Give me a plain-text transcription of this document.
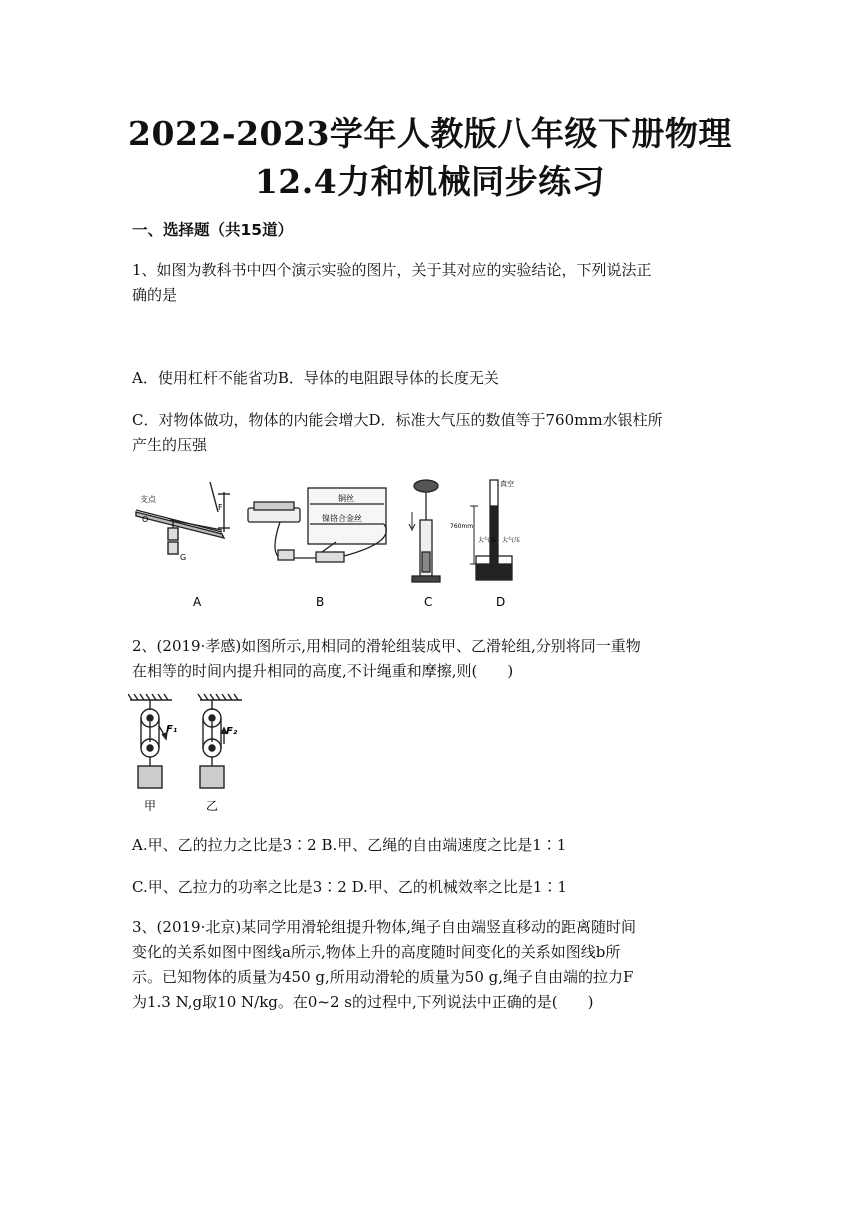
2022-2023学年人教版八年级下册物理
12.4力和机械同步练习
一、选择题（共15道）
1、如图为教科书中四个演示实验的图片，关于其对应的实验结论，下列说法正
确的是
A．使用杠杆不能省功B．导体的电阻跟导体的长度无关
C．对物体做功，物体的内能会增大D．标准大气压的数值等于760mm水银柱所
产生的压强
支点
O
F
G
铜丝
镍铬合金丝
真空
760mm
大气压 大气压
A	B	C	D
2、(2019·孝感)如图所示,用相同的滑轮组装成甲、乙滑轮组,分别将同一重物
在相等的时间内提升相同的高度,不计绳重和摩擦,则(　　)
F₁	F₂
甲	乙
A.甲、乙的拉力之比是3∶2 B.甲、乙绳的自由端速度之比是1∶1
C.甲、乙拉力的功率之比是3∶2 D.甲、乙的机械效率之比是1∶1
3、(2019·北京)某同学用滑轮组提升物体,绳子自由端竖直移动的距离随时间
变化的关系如图中图线a所示,物体上升的高度随时间变化的关系如图线b所
示。已知物体的质量为450 g,所用动滑轮的质量为50 g,绳子自由端的拉力F
为1.3 N,g取10 N/kg。在0~2 s的过程中,下列说法中正确的是(　　)
